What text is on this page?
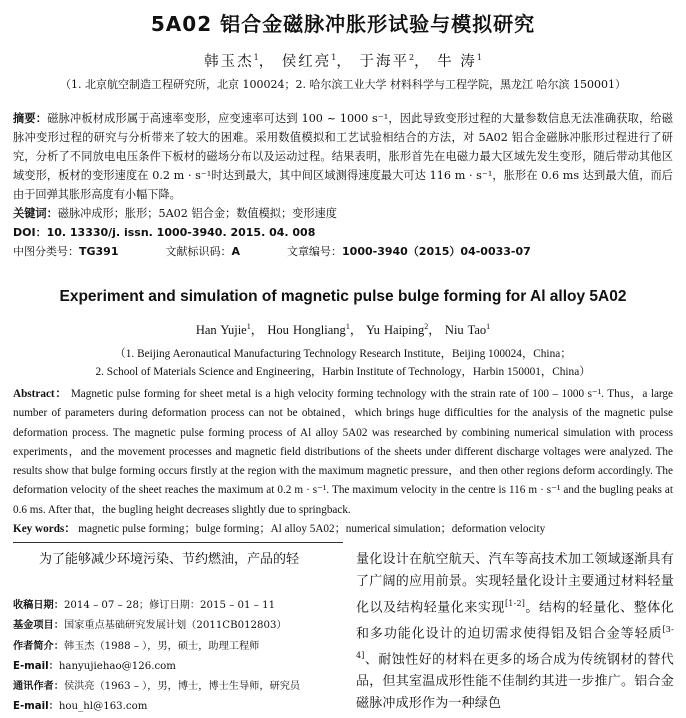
5A02 铝合金磁脉冲胀形试验与模拟研究
韩玉杰$^1$， 侯红亮$^1$， 于海平$^2$， 牛 涛$^1$
（1. 北京航空制造工程研究所，北京 100024；2. 哈尔滨工业大学 材料科学与工程学院，黑龙江 哈尔滨 150001）
摘要：磁脉冲板材成形属于高速率变形，应变速率可达到 100 ~ 1000 s⁻¹，因此导致变形过程的大量参数信息无法准确获取，给磁脉冲变形过程的研究与分析带来了较大的困难。采用数值模拟和工艺试验相结合的方法，对 5A02 铝合金磁脉冲胀形过程进行了研究，分析了不同放电电压条件下板材的磁场分布以及运动过程。结果表明，胀形首先在电磁力最大区域先发生变形，随后带动其他区域变形，板材的变形速度在 0.2 m · s⁻¹时达到最大，其中间区域测得速度最大可达 116 m · s⁻¹，胀形在 0.6 ms 达到最大值，而后由于回弹其胀形高度有小幅下降。
关键词：磁脉冲成形；胀形；5A02 铝合金；数值模拟；变形速度
DOI：10. 13330/j. issn. 1000-3940. 2015. 04. 008
中图分类号：TG391	文献标识码：A	文章编号：1000-3940（2015）04-0033-07
Experiment and simulation of magnetic pulse bulge forming for Al alloy 5A02
Han Yujie$^1$， Hou Hongliang$^1$， Yu Haiping$^2$， Niu Tao$^1$
（1. Beijing Aeronautical Manufacturing Technology Research Institute，Beijing 100024，China；
2. School of Materials Science and Engineering，Harbin Institute of Technology，Harbin 150001，China）
Abstract： Magnetic pulse forming for sheet metal is a high velocity forming technology with the strain rate of 100 – 1000 s⁻¹. Thus，a large number of parameters during deformation process can not be obtained，which brings huge difficulties for the analysis of the magnetic pulse deformation process. The magnetic pulse forming process of Al alloy 5A02 was researched by combining numerical simulation with process experiments，and the movement processes and magnetic field distributions of the sheets under different discharge voltages were analyzed. The results show that bulge forming occurs firstly at the region with the maximum magnetic pressure，and then other regions deform accordingly. The deformation velocity of the sheet reaches the maximum at 0.2 m · s⁻¹. The maximum velocity in the centre is 116 m · s⁻¹ and the bugling peaks at 0.6 ms. After that，the bugling height decreases slightly due to springback.
Key words： magnetic pulse forming；bulge forming；Al alloy 5A02；numerical simulation；deformation velocity
为了能够减少环境污染、节约燃油，产品的轻
收稿日期：2014 – 07 – 28；修订日期：2015 – 01 – 11
基金项目：国家重点基础研究发展计划（2011CB012803）
作者简介：韩玉杰（1988 – ），男，硕士，助理工程师
E-mail：hanyujiehao@126.com
通讯作者：侯洪亮（1963 – ），男，博士，博士生导师，研究员
E-mail：hou_hl@163.com
量化设计在航空航天、汽车等高技术加工领域逐渐具有了广阔的应用前景。实现轻量化设计主要通过材料轻量化以及结构轻量化来实现[1-2]。结构的轻量化、整体化和多功能化设计的迫切需求使得铝及铝合金等轻质[3-4]、耐蚀性好的材料在更多的场合成为传统钢材的替代品，但其室温成形性能不佳制约其进一步推广。铝合金磁脉冲成形作为一种绿色
